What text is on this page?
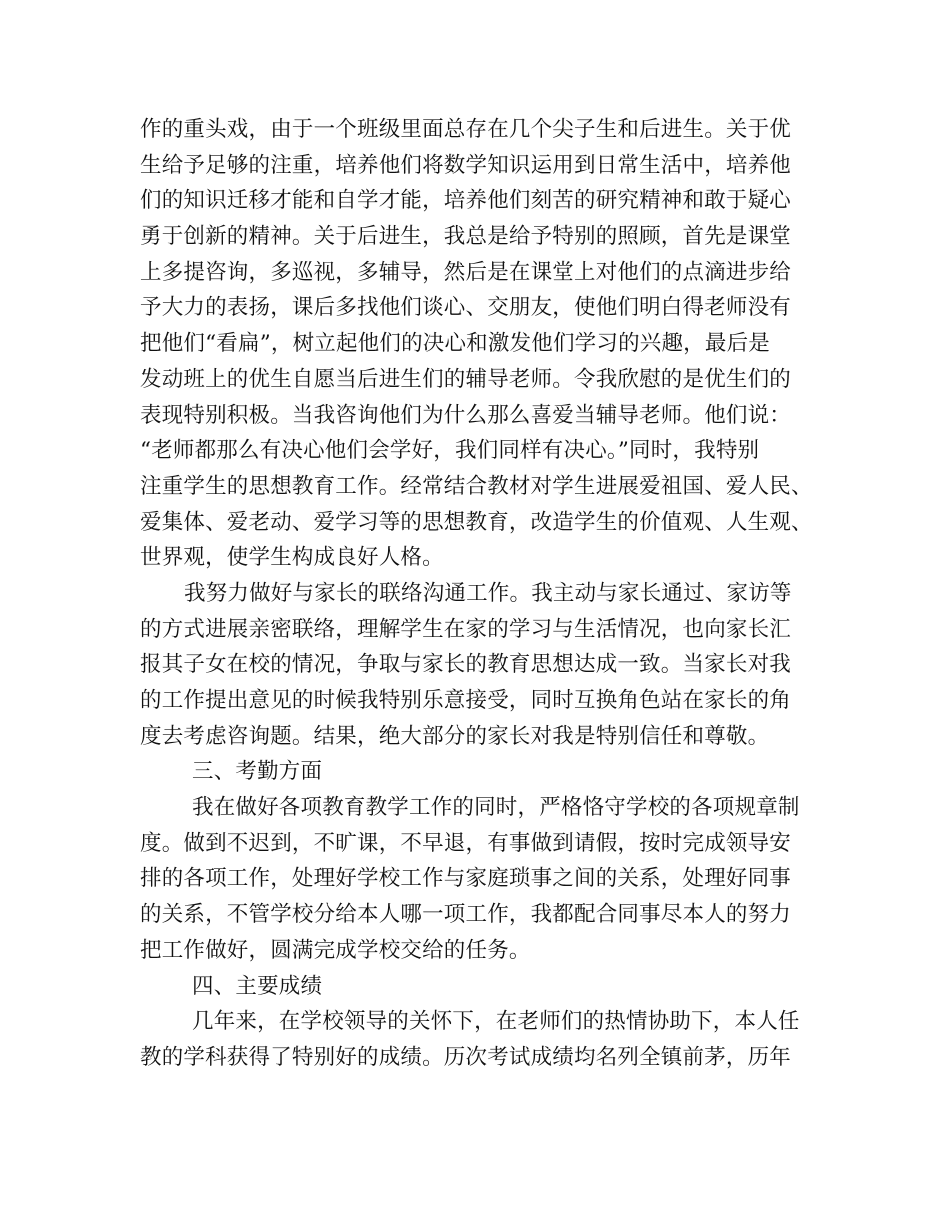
作的重头戏，由于一个班级里面总存在几个尖子生和后进生。关于优
生给予足够的注重，培养他们将数学知识运用到日常生活中，培养他
们的知识迁移才能和自学才能，培养他们刻苦的研究精神和敢于疑心
勇于创新的精神。关于后进生，我总是给予特别的照顾，首先是课堂
上多提咨询，多巡视，多辅导，然后是在课堂上对他们的点滴进步给
予大力的表扬，课后多找他们谈心、交朋友，使他们明白得老师没有
把他们“看扁”，树立起他们的决心和激发他们学习的兴趣，最后是
发动班上的优生自愿当后进生们的辅导老师。令我欣慰的是优生们的
表现特别积极。当我咨询他们为什么那么喜爱当辅导老师。他们说：
“老师都那么有决心他们会学好，我们同样有决心。”同时，我特别
注重学生的思想教育工作。经常结合教材对学生进展爱祖国、爱人民、
爱集体、爱老动、爱学习等的思想教育，改造学生的价值观、人生观、
世界观，使学生构成良好人格。
我努力做好与家长的联络沟通工作。我主动与家长通过、家访等
的方式进展亲密联络，理解学生在家的学习与生活情况，也向家长汇
报其子女在校的情况，争取与家长的教育思想达成一致。当家长对我
的工作提出意见的时候我特别乐意接受，同时互换角色站在家长的角
度去考虑咨询题。结果，绝大部分的家长对我是特别信任和尊敬。
三、考勤方面
我在做好各项教育教学工作的同时，严格恪守学校的各项规章制
度。做到不迟到，不旷课，不早退，有事做到请假，按时完成领导安
排的各项工作，处理好学校工作与家庭琐事之间的关系，处理好同事
的关系，不管学校分给本人哪一项工作，我都配合同事尽本人的努力
把工作做好，圆满完成学校交给的任务。
四、主要成绩
几年来，在学校领导的关怀下，在老师们的热情协助下，本人任
教的学科获得了特别好的成绩。历次考试成绩均名列全镇前茅，历年
